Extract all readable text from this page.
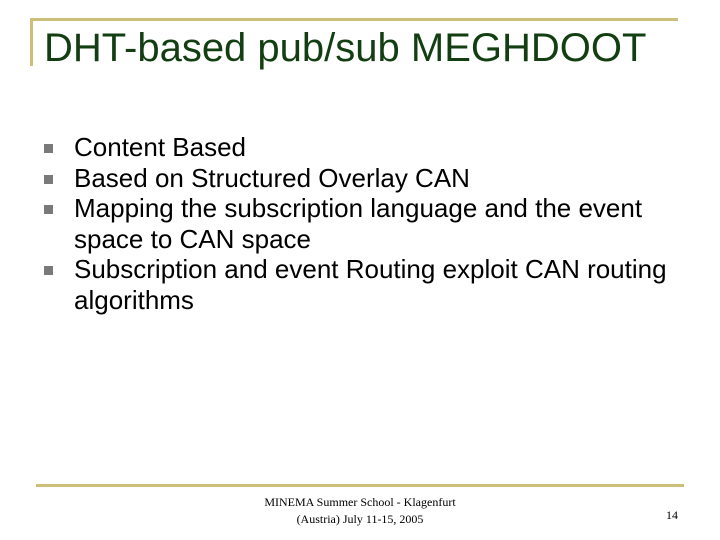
DHT-based pub/sub MEGHDOOT
Content Based
Based on Structured Overlay CAN
Mapping the subscription language and the event space to CAN space
Subscription and event Routing exploit CAN routing algorithms
MINEMA Summer School - Klagenfurt
(Austria) July 11-15, 2005	14
